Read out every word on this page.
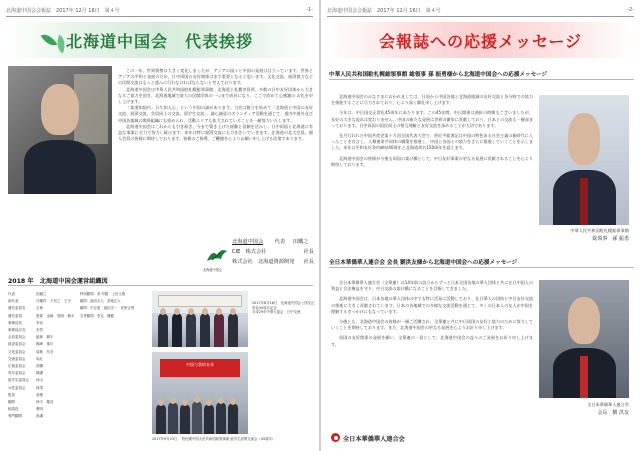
北海道中国会会報誌　2017年 12月 16日　第４号	-1-
北海道中国会　代表挨拶

この一年、世界情勢は大きく変化しましたが、アジアの国々と中国の発展は目立っています。世界とアジアの平和と発展のため、日中両国の友好関係はます重要となると思います。文化交流、経済協力などの民間交流はもっと盛んに行わなければならないと考えております。

北海道中国会は中華人民共和国駐札幌総領事館、北海道と札幌市役所、多数の日中友好団体から大きなるご協力を頂き、北海道地域で最大の民間団体の一つまで成長になり、ここで改めて心感謝の お礼を申し上げます。

「架道知国内」日久知人心」という中国の諺があります。当会は創立を始めて「北海道と中国の友好交流、経済交流、会員同士の交流、留学生交流」、誠心誠意のボランティア活動を通じて、道内中道外及び中国各地域の関係組織にも絡められ、活動エリアも拡大されていることを一緒努力いたします。

北海道中国会はこれからも引き続き、今まで築き上げた経験と信頼を活かし、日中両国と北海道に有益な事業に全力で努力し続けます。来年は特に経済交流にも力を注いでいきます。北海道の北大会員、個人会員の皆様に期待しております。皆様のご指導、ご鞭撻を心よりお願い申し上げる次第であります。

北海道中国会 代表 田鐵之
CIE　株式会社	社長
株式会社　北海道資源開発 社長
北海道中国会
2018 年　北海道中国会運営組織図
代表	田鐵之
副代表	白鵬祥　于信之　王平
運営委員長	吉林
運営委員	張偉　金暁　郭明　劉永
事務局長	李岩
事務局次長	宋哲
会員委員会	趙林　劉宇
経済委員会	楊峰　孫川
文化委員会	周敏　呉芳
交流委員会	馬紅
広報委員会	胡傑
青年委員会	陳潔
留学生委員会	何山
女性委員会	林靖
監査	高雅
顧問	徐平　鄭浩
相談役	曹明
専門顧問	蒋潔
特別顧問：高 村鍵　上田文雄
顧問：福田吉人　倉地正人
顧問：中谷恵　福田洋一　佐野正利
名誉顧問：李克　陳健
2017年8月18日　北海道中国会と国交正常化45周年記念
平成29年中華大宴会　日中交流
中国与我的未来
2017年9月23日　 駐札幌中国人民共和国総領事館 留学生訪問交流会（45周年）
北海道中国会会報誌　2017年 12月 16日　第４号	-2-
会報誌への応援メッセージ
中華人民共和国駐札幌総領事館 総領事 孫 振勇様から北海道中国会への応援メッセージ

北海道中国会のみなさまにおかれましては、日頃から中国各地と北海道地域の友好交流と各分野での協力を推進することに尽力されており、心より深く御礼申し上げます。

今年は、中日国交正常化45周年にあたります。この45年間、中日関係は曲折の時期もございましたが、友好の大きな流れは変わりません。中国の新たな発展は世界の繁栄に貢献しており、日本との交流も一層深まっております。日中両国の国民同士の相互理解と友好交流を深めることが大切であります。

先月行われた中国共産党第十九回全国代表大会で、習近平総書記は中国の特色ある社会主義の新時代に入ったことを宣言し、人類運命共同体の構築を推進し、中国と各国との協力をさらに推進していくことを示しました。来年は平和友好条約締結40周年と北海道命名150周年を迎えます。

北海道中国会の皆様が今後も両国の架け橋として、中日友好事業の更なる発展に貢献されることを心より期待しております。

中華人民共和国駐札幌総領事館
総領事　孫 振勇
全日本華僑華人連合会 会長 劉洪友様から北海道中国会への応援メッセージ

全日本華僑華人連合会（全華連）は14年前の設立からずっと日本全国各地の華人団体と共に在日中国人の利益と合法権益を守り、中日交流の架け橋になることを目指してきました。

北海道中国会は、日本各地の華人団体の中でも特に活発に活動しており、在日華人の団結と中日友好交流の推進に大きく貢献されています。日本の各地域での多様な交流活動を通じて、多くの日本人の友人が中国を理解するきっかけにもなっています。

今後とも、北海道中国会の皆様が一層ご活躍され、全華連と共に中日両国の友好と協力のために努力していくことを期待しております。また、北海道中国会の更なる発展を心よりお祈り申し上げます。

両国の友好関係の発展を願い、全華連の一員として、北海道中国会の益々のご発展をお祈り申し上げます。

全日本華僑華人連合会
会長　劉 洪友
全日本華僑華人連合会
